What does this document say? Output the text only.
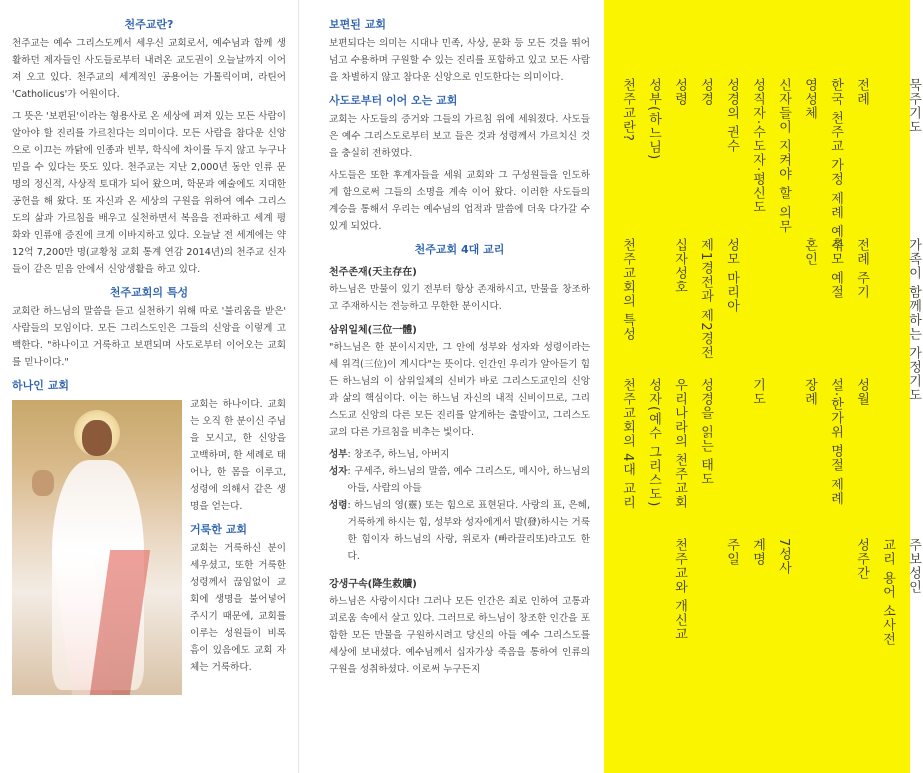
천주교란?

천주교는 예수 그리스도께서 세우신 교회로서, 예수님과 함께 생활하던 제자들인 사도들로부터 내려온 교도권이 오늘날까지 이어져 오고 있다. 천주교의 세계적인 공용어는 가톨릭이며, 라틴어 'Catholicus'가 어원이다.

그 뜻은 '보편된'이라는 형용사로 온 세상에 퍼져 있는 모든 사람이 알아야 할 진리를 가르친다는 의미이다. 모든 사람을 참다운 신앙으로 이끄는 까닭에 인종과 빈부, 학식에 차이를 두지 않고 누구나 믿을 수 있다는 뜻도 있다. 천주교는 지난 2,000년 동안 인류 문명의 정신적, 사상적 토대가 되어 왔으며, 학문과 예술에도 지대한 공헌을 해 왔다. 또 자신과 온 세상의 구원을 위하여 예수 그리스도의 삶과 가르침을 배우고 실천하면서 복음을 전파하고 세계 평화와 인류애 증진에 크게 이바지하고 있다. 오늘날 전 세계에는 약 12억 7,200만 명(교황청 교회 통계 연감 2014년)의 천주교 신자들이 같은 믿음 안에서 신앙생활을 하고 있다.

천주교회의 특성

교회란 하느님의 말씀을 듣고 실천하기 위해 따로 '불리움을 받은' 사람들의 모임이다. 모든 그리스도인은 그들의 신앙을 이렇게 고백한다. "하나이고 거룩하고 보편되며 사도로부터 이어오는 교회를 믿나이다."

하나인 교회

교회는 하나이다. 교회는 오직 한 분이신 주님을 모시고, 한 신앙을 고백하며, 한 세례로 태어나, 한 몸을 이루고, 성령에 의해서 같은 생명을 얻는다.

거룩한 교회

교회는 거룩하신 분이 세우셨고, 또한 거룩한 성령께서 끊임없이 교회에 생명을 불어넣어 주시기 때문에, 교회를 이루는 성원들이 비록 흠이 있음에도 교회 자체는 거룩하다.

보편된 교회

보편되다는 의미는 시대나 민족, 사상, 문화 등 모든 것을 뛰어 넘고 수용하며 구원할 수 있는 진리를 포함하고 있고 모든 사람을 차별하지 않고 참다운 신앙으로 인도한다는 의미이다.

사도로부터 이어 오는 교회

교회는 사도들의 증거와 그들의 가르침 위에 세워졌다. 사도들은 예수 그리스도로부터 보고 들은 것과 성령께서 가르치신 것을 충실히 전하였다.

사도들은 또한 후계자들을 세워 교회와 그 구성원들을 인도하게 함으로써 그들의 소명을 계속 이어 왔다. 이러한 사도들의 계승을 통해서 우리는 예수님의 업적과 말씀에 더욱 다가갈 수 있게 되었다.

천주교회 4대 교리
천주존재(天主存在)

하느님은 만물이 있기 전부터 항상 존재하시고, 만물을 창조하고 주재하시는 전능하고 무한한 분이시다.

삼위일체(三位一體)

"하느님은 한 분이시지만, 그 안에 성부와 성자와 성령이라는 세 위격(三位)이 계시다"는 뜻이다. 인간인 우리가 알아듣기 힘든 하느님의 이 삼위일체의 신비가 바로 그리스도교인의 신앙과 삶의 핵심이다. 이는 하느님 자신의 내적 신비이므로, 그리스도교 신앙의 다른 모든 진리를 알게하는 출발이고, 그리스도교의 다른 가르침을 비추는 빛이다.

성부 : 창조주, 하느님, 아버지
성자 : 구세주, 하느님의 말씀, 예수 그리스도, 메시아, 하느님의 아들, 사람의 아들
성령 : 하느님의 영(靈) 또는 힘으로 표현된다. 사랑의 표, 은혜, 거룩하게 하시는 힘, 성부와 성자에게서 발(發)하시는 거룩한 힘이자 하느님의 사랑, 위로자 (빠라끌리또)라고도 한다.
강생구속(降生救贖)

하느님은 사랑이시다! 그러나 모든 인간은 죄로 인하여 고통과 괴로움 속에서 살고 있다. 그러므로 하느님이 창조한 인간을 포함한 모든 만물을 구원하시려고 당신의 아들 예수 그리스도를 세상에 보내셨다. 예수님께서 십자가상 죽음을 통하여 인류의 구원을 성취하셨다. 이로써 누구든지

천주교란?
천주교회의 특성
천주교회의 4대 교리
성부(하느님)
성자(예수 그리스도)
성령
십자성호
우리나라의 천주교회
천주교와 개신교
성경
제1경전과 제2경전
성경을 읽는 태도
성경의 권수
성모 마리아
주일
성직자·수도자·평신도
기도
계명
신자들이 지켜야 할 의무
7성사
영성체
혼인
장례
한국 천주교 가정 제례 예식
추모 예절
설·한가위 명절 제례
전례
전례 주기
성월
성주간 교리 용어 소사전
묵주기도
가족이 함께하는 가정기도
주보성인
